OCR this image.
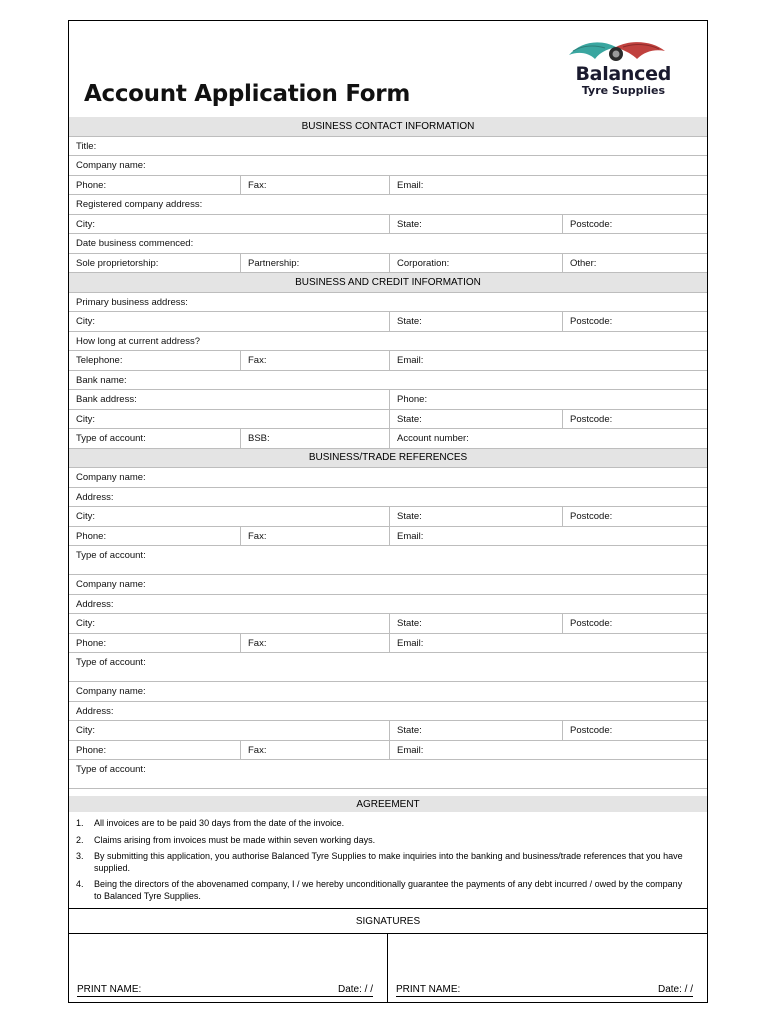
Account Application Form
Balanced
Tyre Supplies
BUSINESS CONTACT INFORMATION
Title:
Company name:
Phone:	Fax:	Email:
Registered company address:
City:	State:	Postcode:
Date business commenced:
Sole proprietorship:	Partnership:	Corporation:	Other:
BUSINESS AND CREDIT INFORMATION
Primary business address:
City:	State:	Postcode:
How long at current address?
Telephone:	Fax:	Email:
Bank name:
Bank address:	Phone:
City:	State:	Postcode:
Type of account:	BSB:	Account number:
BUSINESS/TRADE REFERENCES
Company name:
Address:
City:	State:	Postcode:
Phone:	Fax:	Email:
Type of account:
Company name:
Address:
City:	State:	Postcode:
Phone:	Fax:	Email:
Type of account:
Company name:
Address:
City:	State:	Postcode:
Phone:	Fax:	Email:
Type of account:
AGREEMENT
1.	All invoices are to be paid 30 days from the date of the invoice.
2.	Claims arising from invoices must be made within seven working days.
3.	By submitting this application, you authorise Balanced Tyre Supplies to make inquiries into the banking and business/trade references that you have supplied.
4.	Being the directors of the abovenamed company, I / we hereby unconditionally guarantee the payments of any debt incurred / owed by the company to Balanced Tyre Supplies.
SIGNATURES
PRINT NAME:	Date: / / PRINT NAME:	Date: / /
